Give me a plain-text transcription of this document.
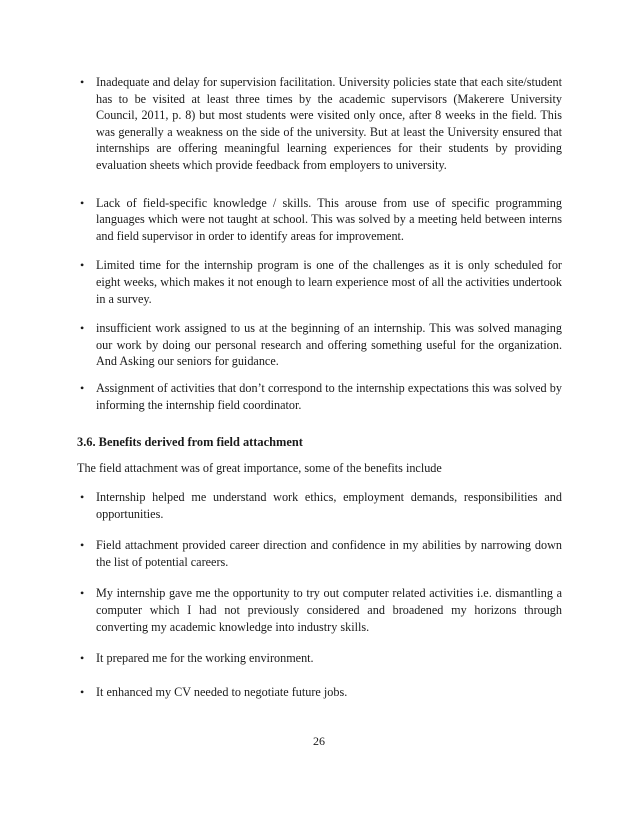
• Inadequate and delay for supervision facilitation. University policies state that each site/student has to be visited at least three times by the academic supervisors (Makerere University Council, 2011, p. 8) but most students were visited only once, after 8 weeks in the field. This was generally a weakness on the side of the university. But at least the University ensured that internships are offering meaningful learning experiences for their students by providing evaluation sheets which provide feedback from employers to university.
• Lack of field-specific knowledge / skills. This arouse from use of specific programming languages which were not taught at school. This was solved by a meeting held between interns and field supervisor in order to identify areas for improvement.
• Limited time for the internship program is one of the challenges as it is only scheduled for eight weeks, which makes it not enough to learn experience most of all the activities undertook in a survey.
• insufficient work assigned to us at the beginning of an internship. This was solved managing our work by doing our personal research and offering something useful for the organization. And Asking our seniors for guidance.
• Assignment of activities that don’t correspond to the internship expectations this was solved by informing the internship field coordinator.
3.6. Benefits derived from field attachment
The field attachment was of great importance, some of the benefits include
• Internship helped me understand work ethics, employment demands, responsibilities and opportunities.
• Field attachment provided career direction and confidence in my abilities by narrowing down the list of potential careers.
• My internship gave me the opportunity to try out computer related activities i.e. dismantling a computer which I had not previously considered and broadened my horizons through converting my academic knowledge into industry skills.
• It prepared me for the working environment.
• It enhanced my CV needed to negotiate future jobs.
26
